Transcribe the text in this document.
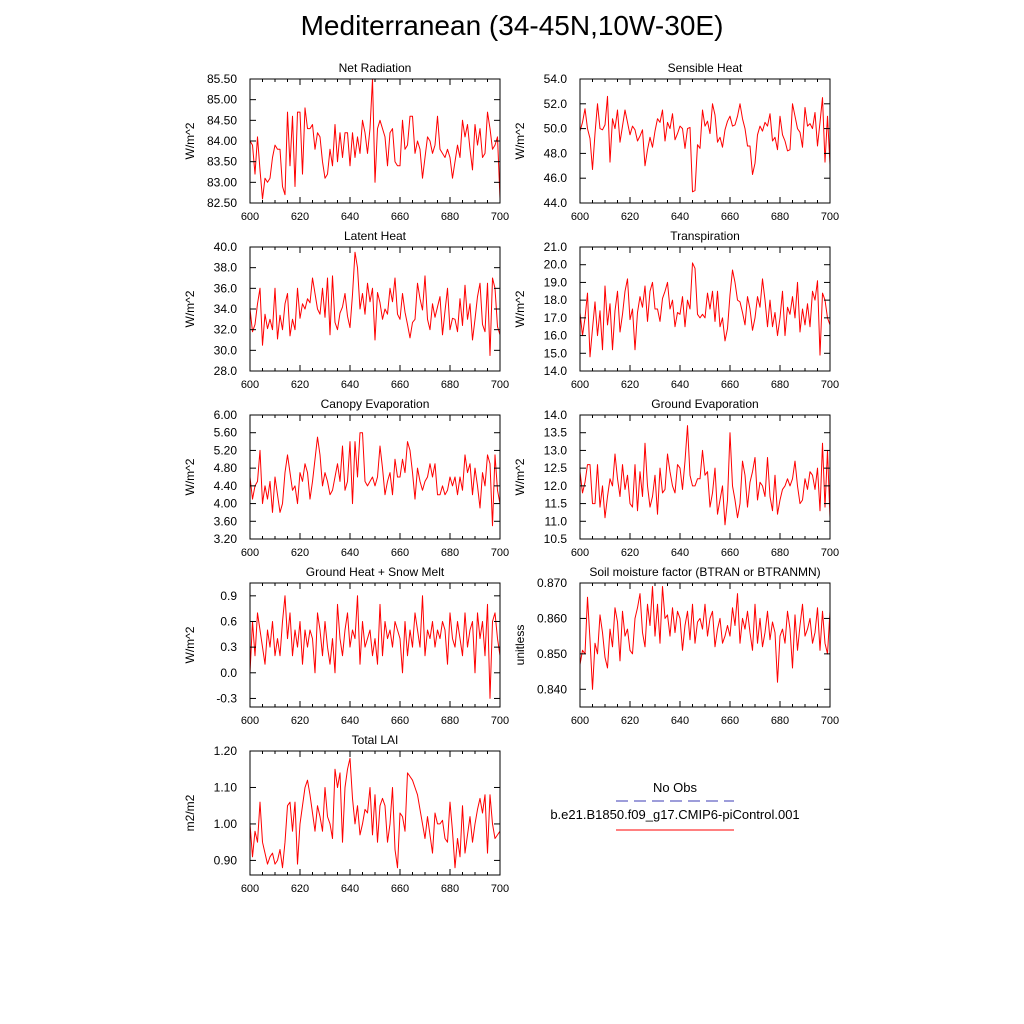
Mediterranean (34-45N,10W-30E)
600	620	640	660	680	700
82.50
83.00
83.50
84.00
84.50
85.00
85.50
Net Radiation
W/m^2
600	620	640	660	680	700
44.0
46.0
48.0
50.0
52.0
54.0
Sensible Heat
W/m^2
600	620	640	660	680	700
28.0
30.0
32.0
34.0
36.0
38.0
40.0
Latent Heat
W/m^2
600	620	640	660	680	700
14.0
15.0
16.0
17.0
18.0
19.0
20.0
21.0
Transpiration
W/m^2
600	620	640	660	680	700
3.20
3.60
4.00
4.40
4.80
5.20
5.60
6.00
Canopy Evaporation
W/m^2
600	620	640	660	680	700
10.5
11.0
11.5
12.0
12.5
13.0
13.5
14.0
Ground Evaporation
W/m^2
600	620	640	660	680	700
-0.3
0.0
0.3
0.6
0.9
Ground Heat + Snow Melt
W/m^2
600	620	640	660	680	700
0.840
0.850
0.860
0.870
Soil moisture factor (BTRAN or BTRANMN)
unitless
600	620	640	660	680	700
0.90
1.00
1.10
1.20
Total LAI
m2/m2
No Obs
b.e21.B1850.f09_g17.CMIP6-piControl.001
